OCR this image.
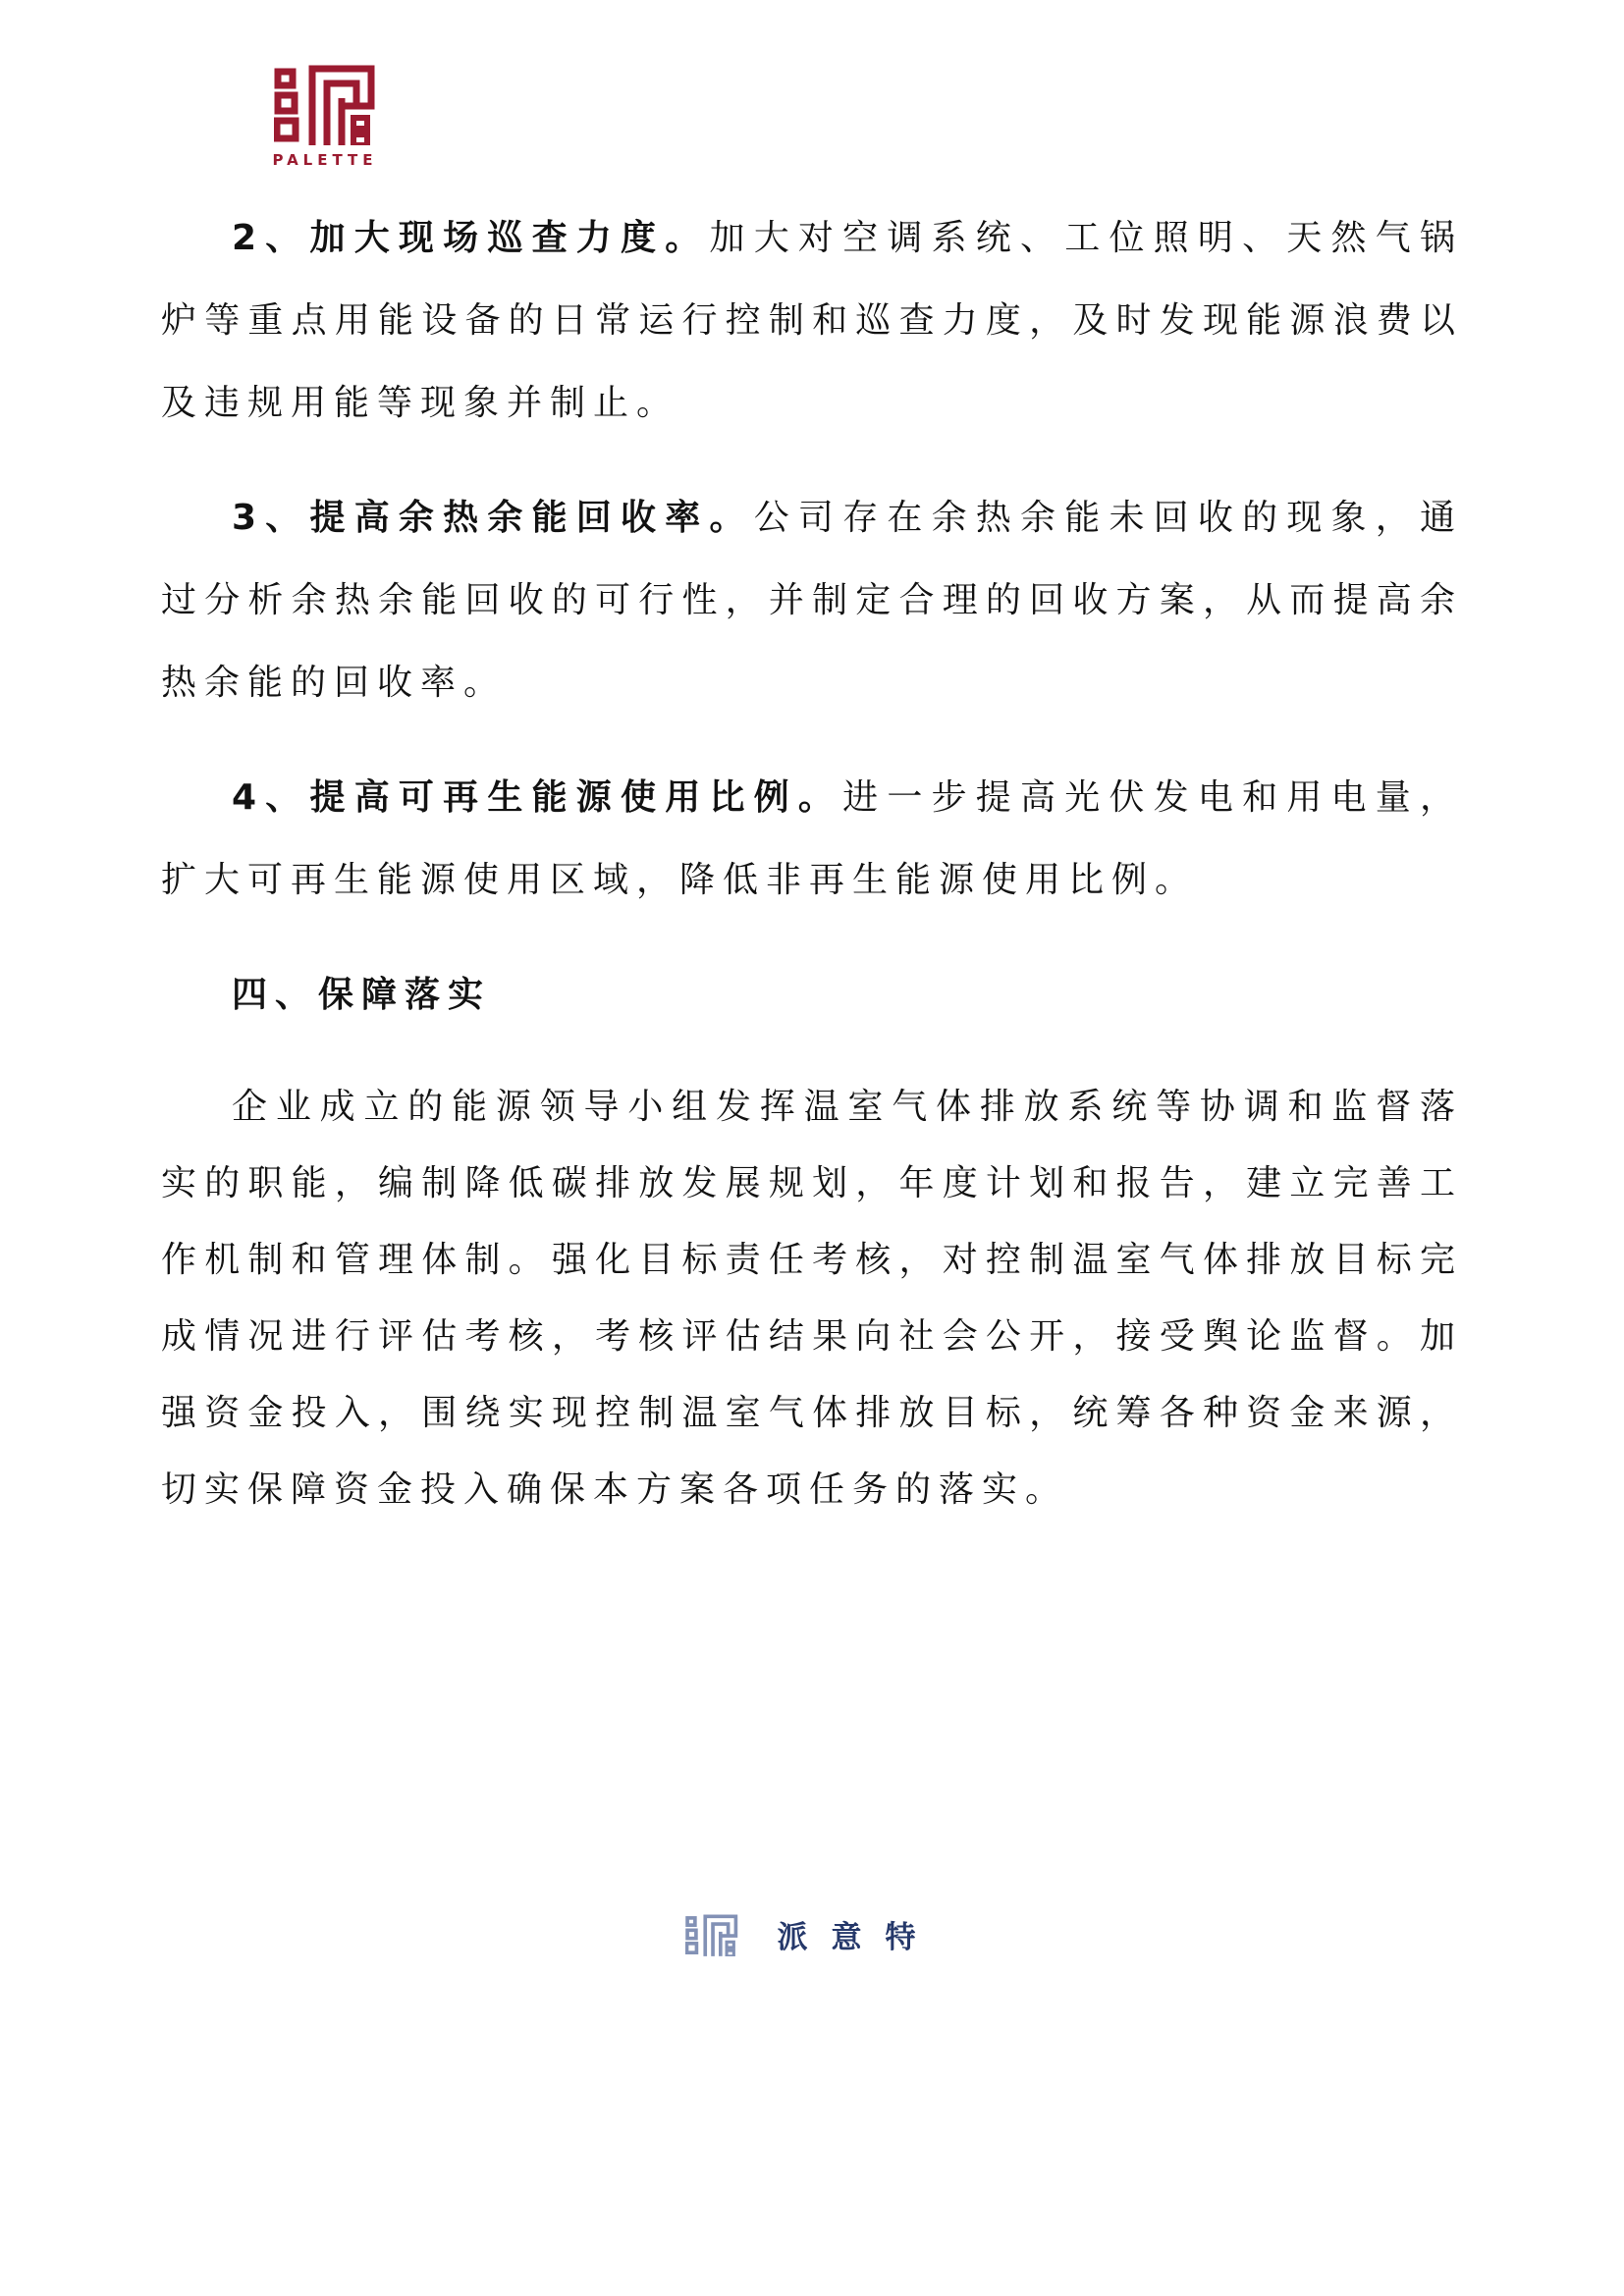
PALETTE

2、加大现场巡查力度。加大对空调系统、工位照明、天然气锅炉等重点用能设备的日常运行控制和巡查力度，及时发现能源浪费以及违规用能等现象并制止。

3、提高余热余能回收率。公司存在余热余能未回收的现象，通过分析余热余能回收的可行性，并制定合理的回收方案，从而提高余热余能的回收率。

4、提高可再生能源使用比例。进一步提高光伏发电和用电量，扩大可再生能源使用区域，降低非再生能源使用比例。

四、保障落实

企业成立的能源领导小组发挥温室气体排放系统等协调和监督落实的职能，编制降低碳排放发展规划，年度计划和报告，建立完善工作机制和管理体制。强化目标责任考核，对控制温室气体排放目标完成情况进行评估考核，考核评估结果向社会公开，接受舆论监督。加强资金投入，围绕实现控制温室气体排放目标，统筹各种资金来源，切实保障资金投入确保本方案各项任务的落实。

派意特
